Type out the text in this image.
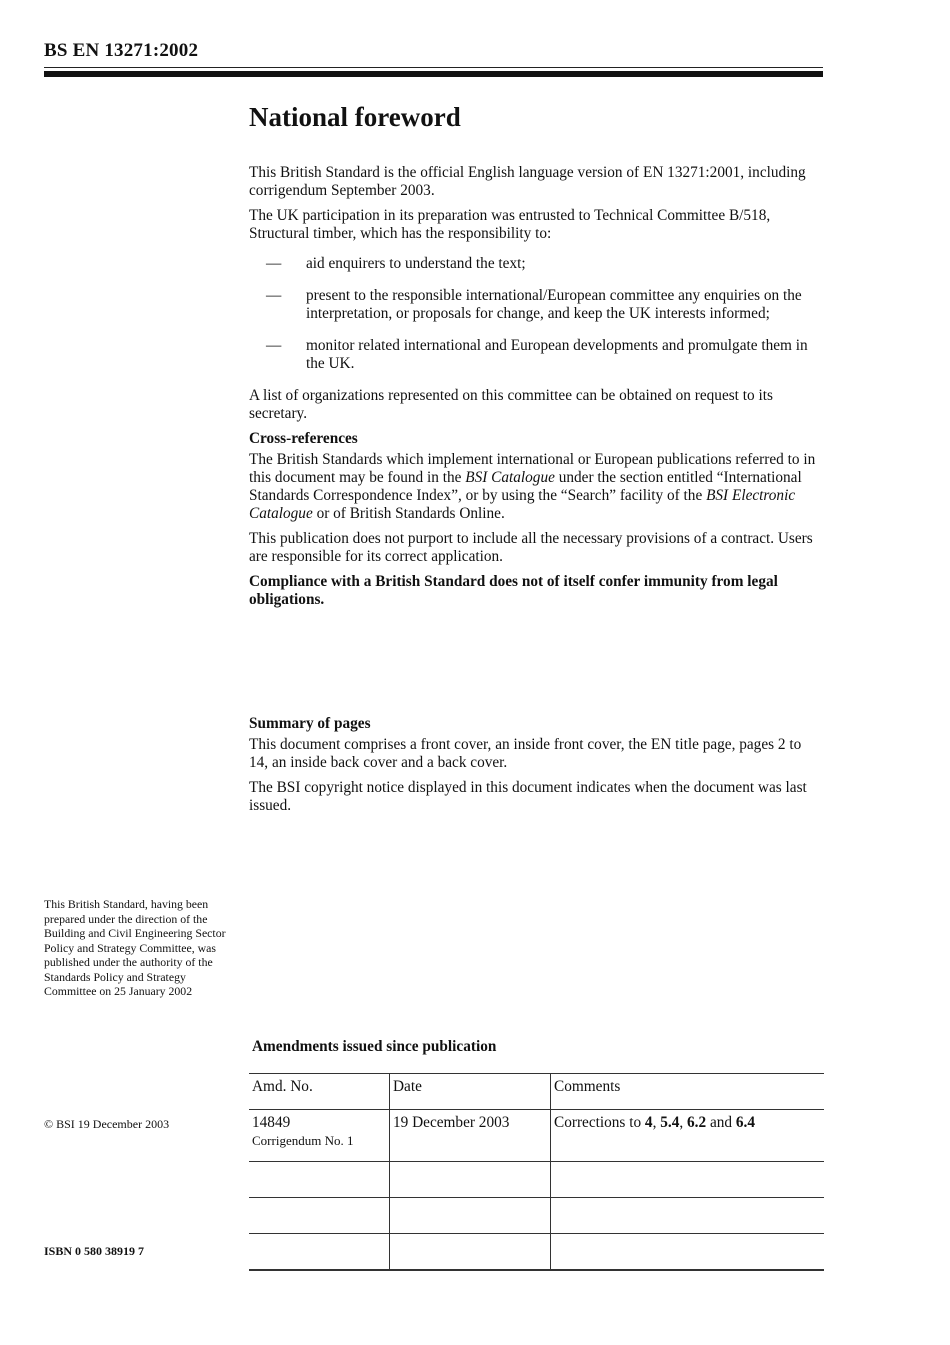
BS EN 13271:2002
National foreword

This British Standard is the official English language version of EN 13271:2001, including corrigendum September 2003.

The UK participation in its preparation was entrusted to Technical Committee B/518, Structural timber, which has the responsibility to:

— aid enquirers to understand the text;
— present to the responsible international/European committee any enquiries on the interpretation, or proposals for change, and keep the UK interests informed;
— monitor related international and European developments and promulgate them in the UK.

A list of organizations represented on this committee can be obtained on request to its secretary.

Cross-references

The British Standards which implement international or European publications referred to in this document may be found in the BSI Catalogue under the section entitled “International Standards Correspondence Index”, or by using the “Search” facility of the BSI Electronic Catalogue or of British Standards Online.

This publication does not purport to include all the necessary provisions of a contract. Users are responsible for its correct application.

Compliance with a British Standard does not of itself confer immunity from legal obligations.

Summary of pages

This document comprises a front cover, an inside front cover, the EN title page, pages 2 to 14, an inside back cover and a back cover.

The BSI copyright notice displayed in this document indicates when the document was last issued.

This British Standard, having been prepared under the direction of the Building and Civil Engineering Sector Policy and Strategy Committee, was published under the authority of the Standards Policy and Strategy Committee on 25 January 2002
© BSI 19 December 2003
ISBN 0 580 38919 7
Amendments issued since publication
Amd. No.	Date	Comments
14849
Corrigendum No. 1	19 December 2003	Corrections to 4, 5.4, 6.2 and 6.4
